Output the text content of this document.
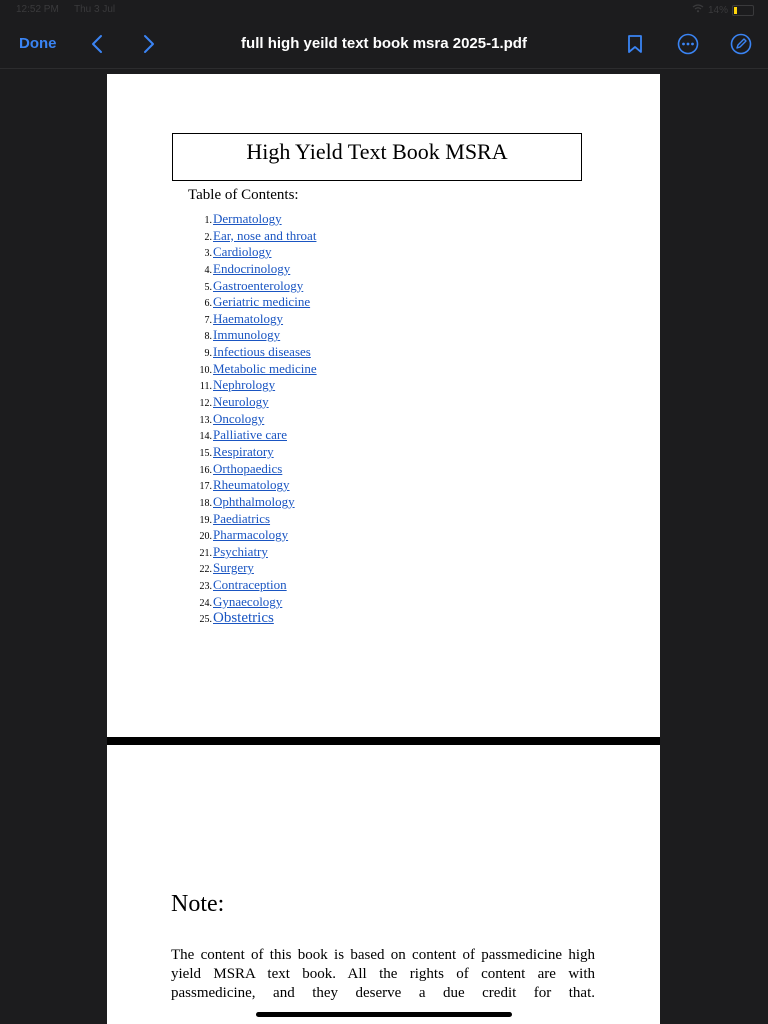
12:52 PM Thu 3 Jul	14%
Done	full high yeild text book msra 2025-1.pdf
High Yield Text Book MSRA
Table of Contents:
1.Dermatology
2.Ear, nose and throat
3.Cardiology
4.Endocrinology
5.Gastroenterology
6.Geriatric medicine
7.Haematology
8.Immunology
9.Infectious diseases
10.Metabolic medicine
11.Nephrology
12.Neurology
13.Oncology
14.Palliative care
15.Respiratory
16.Orthopaedics
17.Rheumatology
18.Ophthalmology
19.Paediatrics
20.Pharmacology
21.Psychiatry
22.Surgery
23.Contraception
24.Gynaecology
25.Obstetrics
Note:
The content of this book is based on content of passmedicine high
yield MSRA text book. All the rights of content are with
passmedicine, and they deserve a due credit for that.
